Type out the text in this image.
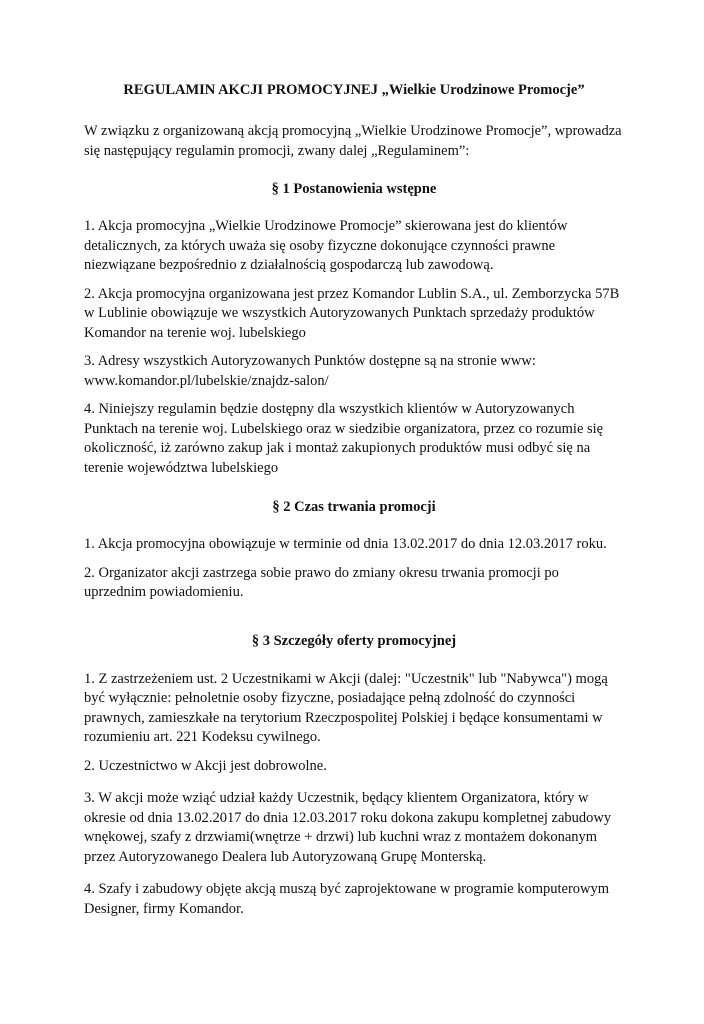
REGULAMIN AKCJI PROMOCYJNEJ „Wielkie Urodzinowe Promocje”

W związku z organizowaną akcją promocyjną „Wielkie Urodzinowe Promocje”, wprowadza się następujący regulamin promocji, zwany dalej „Regulaminem”:

§ 1 Postanowienia wstępne

1. Akcja promocyjna „Wielkie Urodzinowe Promocje” skierowana jest do klientów detalicznych, za których uważa się osoby fizyczne dokonujące czynności prawne niezwiązane bezpośrednio z działalnością gospodarczą lub zawodową.

2. Akcja promocyjna organizowana jest przez Komandor Lublin S.A., ul. Zemborzycka 57B w Lublinie obowiązuje we wszystkich Autoryzowanych Punktach sprzedaży produktów Komandor na terenie woj. lubelskiego

3. Adresy wszystkich Autoryzowanych Punktów dostępne są na stronie www: www.komandor.pl/lubelskie/znajdz-salon/

4. Niniejszy regulamin będzie dostępny dla wszystkich klientów w Autoryzowanych Punktach na terenie woj. Lubelskiego oraz w siedzibie organizatora, przez co rozumie się okoliczność, iż zarówno zakup jak i montaż zakupionych produktów musi odbyć się na terenie województwa lubelskiego

§ 2 Czas trwania promocji

1. Akcja promocyjna obowiązuje w terminie od dnia 13.02.2017 do dnia 12.03.2017 roku.

2. Organizator akcji zastrzega sobie prawo do zmiany okresu trwania promocji po uprzednim powiadomieniu.

§ 3 Szczegóły oferty promocyjnej

1. Z zastrzeżeniem ust. 2 Uczestnikami w Akcji (dalej: "Uczestnik" lub "Nabywca") mogą być wyłącznie: pełnoletnie osoby fizyczne, posiadające pełną zdolność do czynności prawnych, zamieszkałe na terytorium Rzeczpospolitej Polskiej i będące konsumentami w rozumieniu art. 221 Kodeksu cywilnego.

2. Uczestnictwo w Akcji jest dobrowolne.

3. W akcji może wziąć udział każdy Uczestnik, będący klientem Organizatora, który w okresie od dnia 13.02.2017 do dnia 12.03.2017 roku dokona zakupu kompletnej zabudowy wnękowej, szafy z drzwiami(wnętrze + drzwi) lub kuchni wraz z montażem dokonanym przez Autoryzowanego Dealera lub Autoryzowaną Grupę Monterską.

4. Szafy i zabudowy objęte akcją muszą być zaprojektowane w programie komputerowym Designer, firmy Komandor.
